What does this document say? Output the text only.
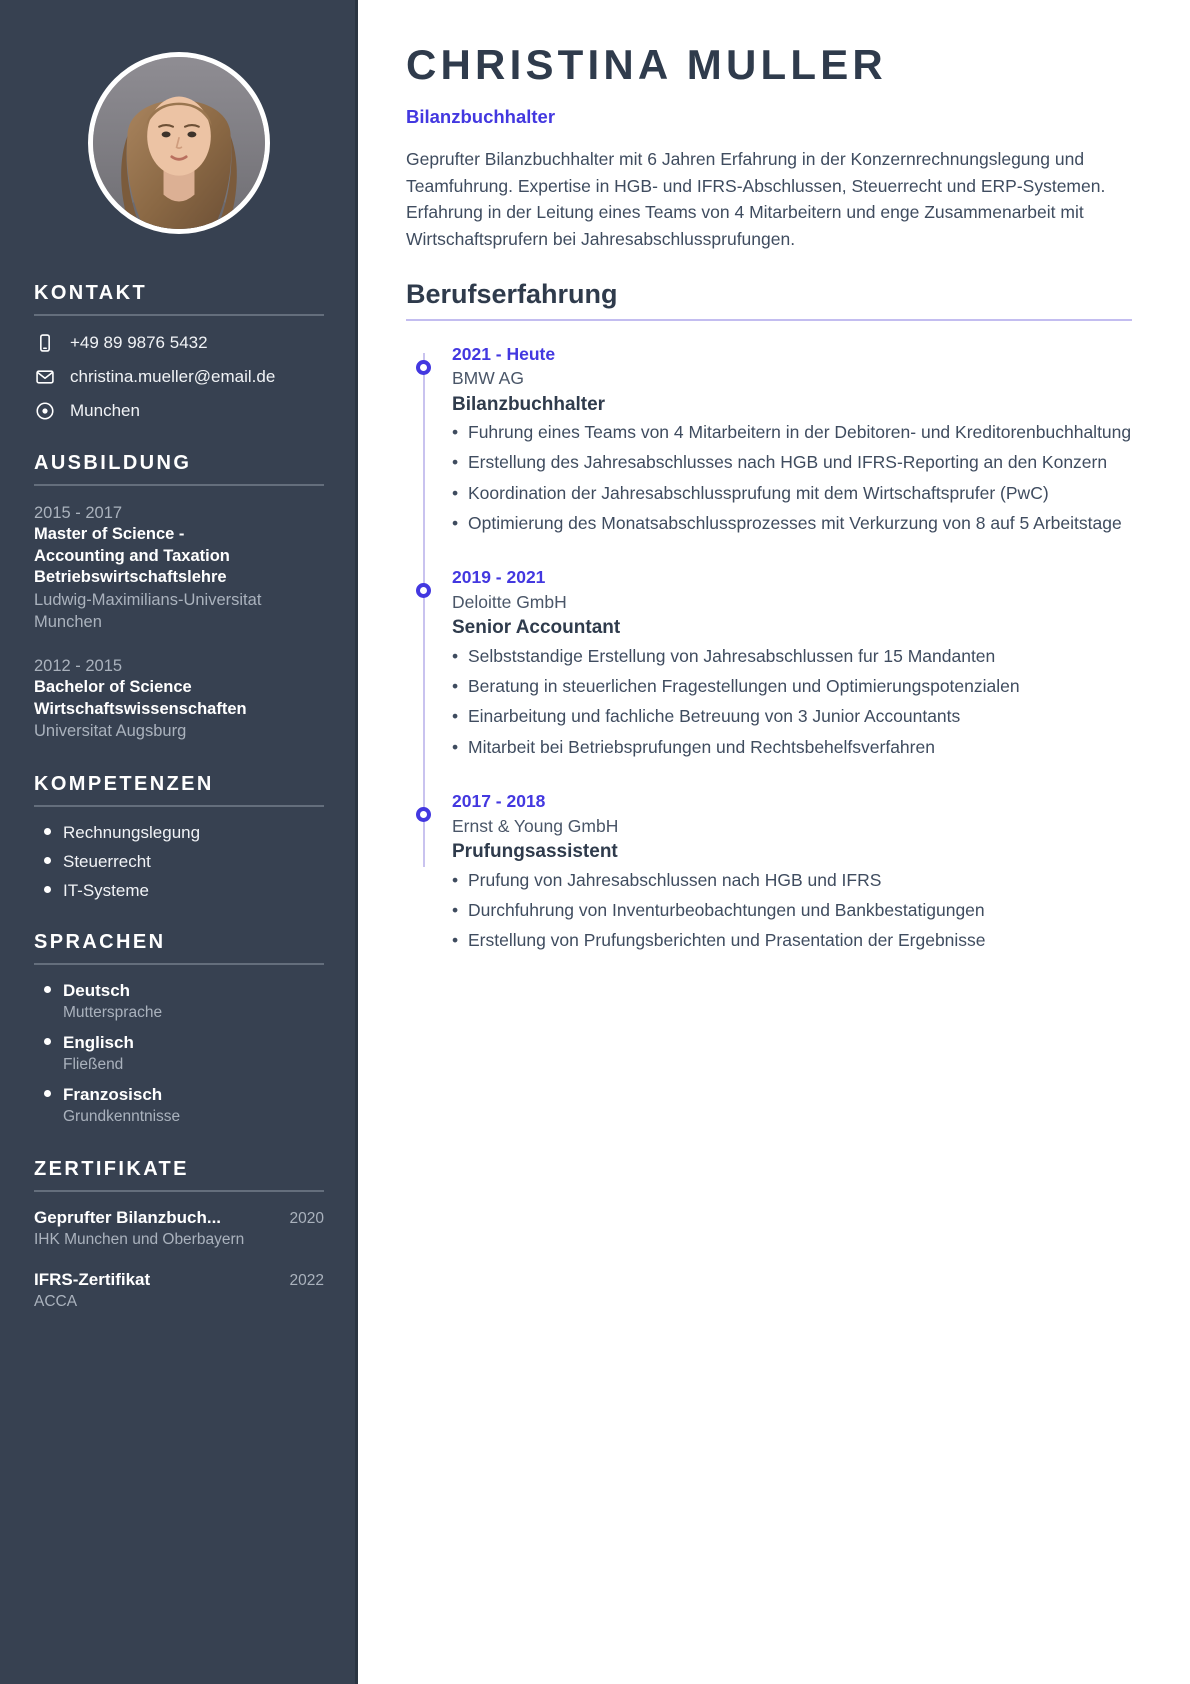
KONTAKT
+49 89 9876 5432
christina.mueller@email.de
Munchen
AUSBILDUNG
2015 - 2017
Master of Science -
Accounting and Taxation
Betriebswirtschaftslehre
Ludwig-Maximilians-Universitat Munchen
2012 - 2015
Bachelor of Science
Wirtschaftswissenschaften
Universitat Augsburg
KOMPETENZEN
Rechnungslegung
Steuerrecht
IT-Systeme
SPRACHEN
Deutsch
Muttersprache
Englisch
Fließend
Franzosisch
Grundkenntnisse
ZERTIFIKATE
Geprufter Bilanzbuch...	2020
IHK Munchen und Oberbayern
IFRS-Zertifikat	2022
ACCA
CHRISTINA MULLER
Bilanzbuchhalter

Geprufter Bilanzbuchhalter mit 6 Jahren Erfahrung in der Konzernrechnungslegung und Teamfuhrung. Expertise in HGB- und IFRS-Abschlussen, Steuerrecht und ERP-Systemen. Erfahrung in der Leitung eines Teams von 4 Mitarbeitern und enge Zusammenarbeit mit Wirtschaftsprufern bei Jahresabschlussprufungen.

Berufserfahrung
2021 - Heute
BMW AG
Bilanzbuchhalter
• Fuhrung eines Teams von 4 Mitarbeitern in der Debitoren- und Kreditorenbuchhaltung
• Erstellung des Jahresabschlusses nach HGB und IFRS-Reporting an den Konzern
• Koordination der Jahresabschlussprufung mit dem Wirtschaftsprufer (PwC)
• Optimierung des Monatsabschlussprozesses mit Verkurzung von 8 auf 5 Arbeitstage
2019 - 2021
Deloitte GmbH
Senior Accountant
• Selbststandige Erstellung von Jahresabschlussen fur 15 Mandanten
• Beratung in steuerlichen Fragestellungen und Optimierungspotenzialen
• Einarbeitung und fachliche Betreuung von 3 Junior Accountants
• Mitarbeit bei Betriebsprufungen und Rechtsbehelfsverfahren
2017 - 2018
Ernst & Young GmbH
Prufungsassistent
• Prufung von Jahresabschlussen nach HGB und IFRS
• Durchfuhrung von Inventurbeobachtungen und Bankbestatigungen
• Erstellung von Prufungsberichten und Prasentation der Ergebnisse
